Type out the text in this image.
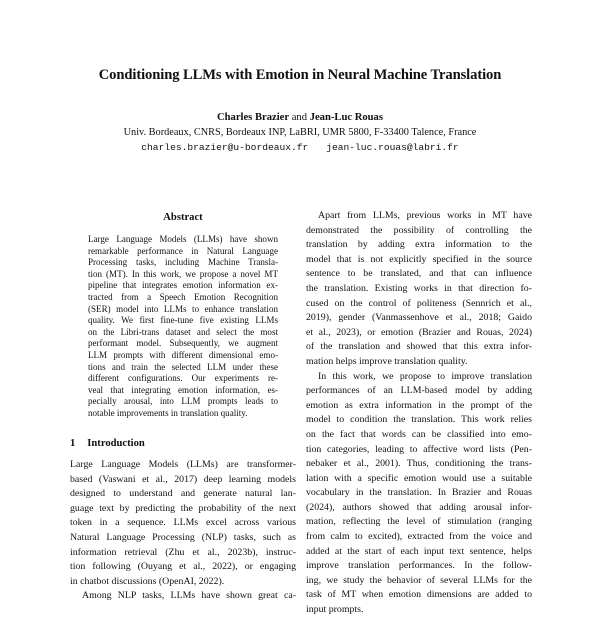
Conditioning LLMs with Emotion in Neural Machine Translation
Charles Brazier and Jean-Luc Rouas
Univ. Bordeaux, CNRS, Bordeaux INP, LaBRI, UMR 5800, F-33400 Talence, France
charles.brazier@u-bordeaux.fr jean-luc.rouas@labri.fr
Abstract
Large Language Models (LLMs) have shown
remarkable performance in Natural Language
Processing tasks, including Machine Transla-
tion (MT). In this work, we propose a novel MT
pipeline that integrates emotion information ex-
tracted from a Speech Emotion Recognition
(SER) model into LLMs to enhance translation
quality. We first fine-tune five existing LLMs
on the Libri-trans dataset and select the most
performant model. Subsequently, we augment
LLM prompts with different dimensional emo-
tions and train the selected LLM under these
different configurations. Our experiments re-
veal that integrating emotion information, es-
pecially arousal, into LLM prompts leads to
notable improvements in translation quality.
1 Introduction
Large Language Models (LLMs) are transformer-
based (Vaswani et al., 2017) deep learning models
designed to understand and generate natural lan-
guage text by predicting the probability of the next
token in a sequence. LLMs excel across various
Natural Language Processing (NLP) tasks, such as
information retrieval (Zhu et al., 2023b), instruc-
tion following (Ouyang et al., 2022), or engaging
in chatbot discussions (OpenAI, 2022).
Among NLP tasks, LLMs have shown great ca-
Apart from LLMs, previous works in MT have
demonstrated the possibility of controlling the
translation by adding extra information to the
model that is not explicitly specified in the source
sentence to be translated, and that can influence
the translation. Existing works in that direction fo-
cused on the control of politeness (Sennrich et al.,
2019), gender (Vanmassenhove et al., 2018; Gaido
et al., 2023), or emotion (Brazier and Rouas, 2024)
of the translation and showed that this extra infor-
mation helps improve translation quality.
In this work, we propose to improve translation
performances of an LLM-based model by adding
emotion as extra information in the prompt of the
model to condition the translation. This work relies
on the fact that words can be classified into emo-
tion categories, leading to affective word lists (Pen-
nebaker et al., 2001). Thus, conditioning the trans-
lation with a specific emotion would use a suitable
vocabulary in the translation. In Brazier and Rouas
(2024), authors showed that adding arousal infor-
mation, reflecting the level of stimulation (ranging
from calm to excited), extracted from the voice and
added at the start of each input text sentence, helps
improve translation performances. In the follow-
ing, we study the behavior of several LLMs for the
task of MT when emotion dimensions are added to
input prompts.
